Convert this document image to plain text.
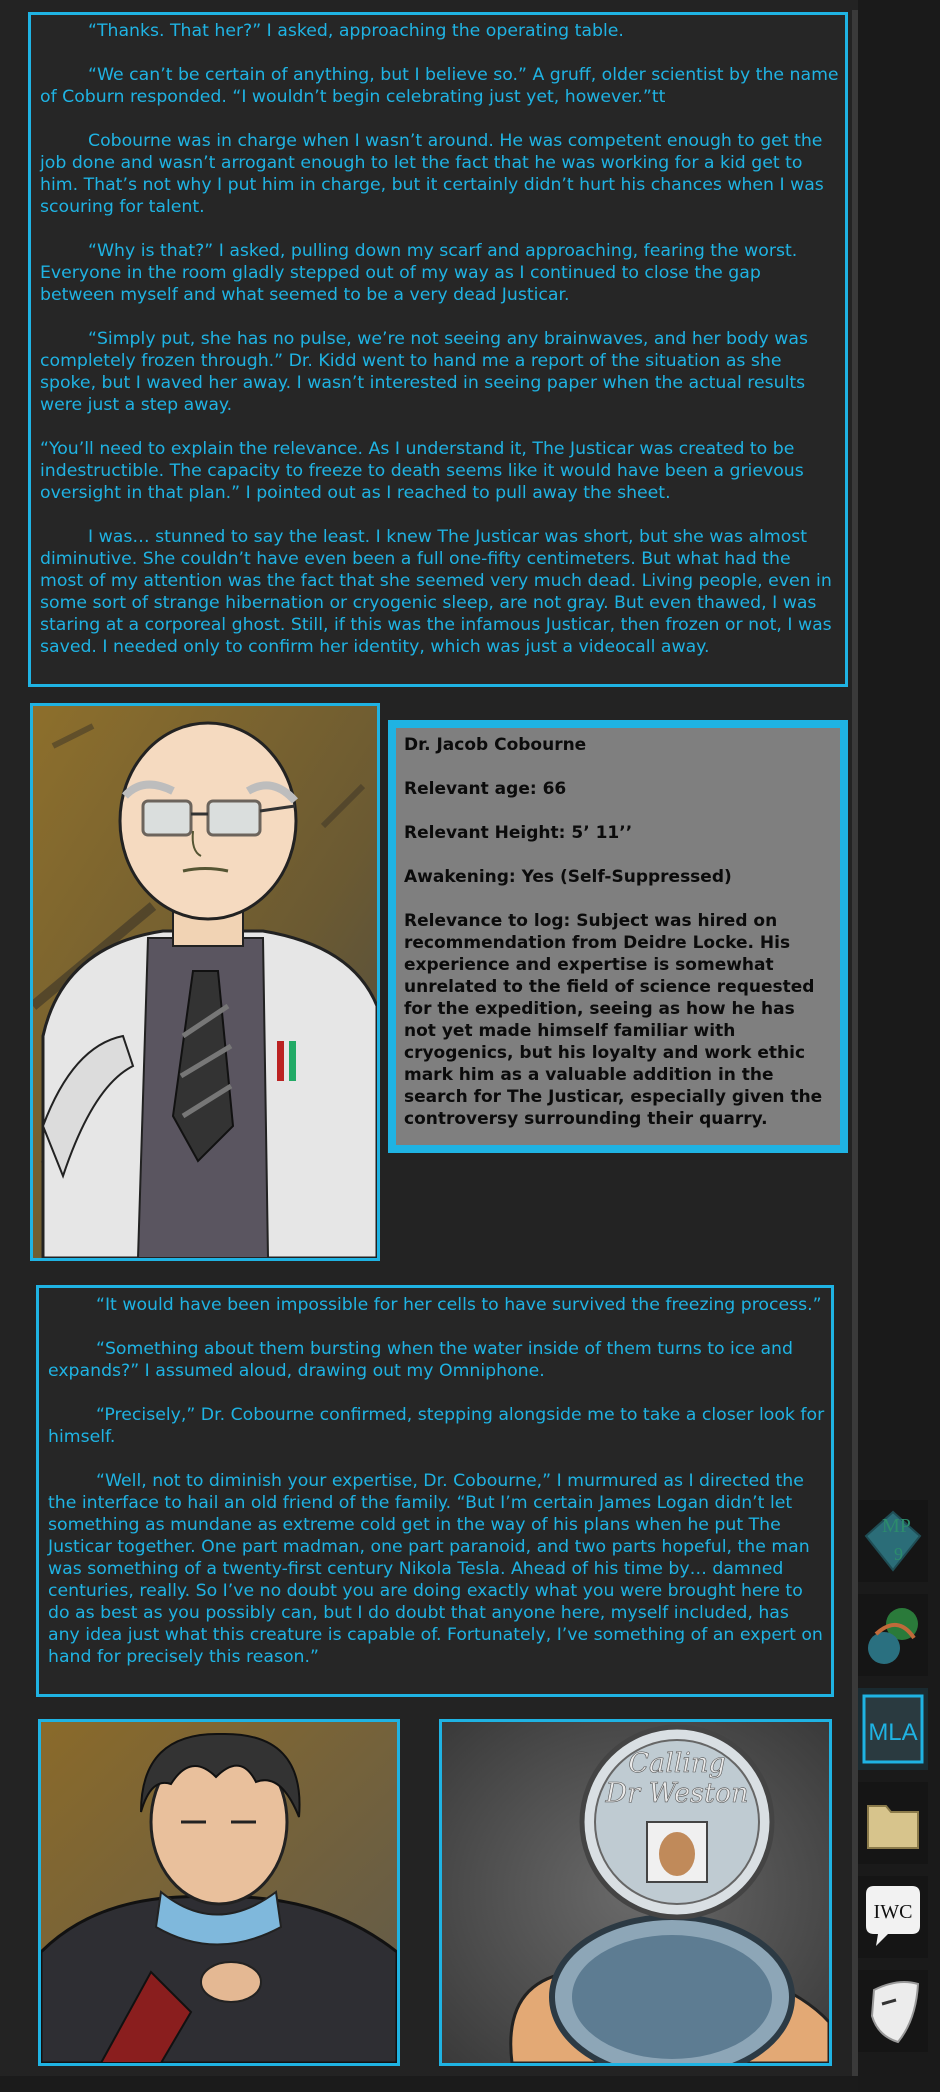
“Thanks. That her?” I asked, approaching the operating table.

“We can’t be certain of anything, but I believe so.” A gruff, older scientist by the name of Coburn responded. “I wouldn’t begin celebrating just yet, however.”tt

Cobourne was in charge when I wasn’t around. He was competent enough to get the job done and wasn’t arrogant enough to let the fact that he was working for a kid get to him. That’s not why I put him in charge, but it certainly didn’t hurt his chances when I was scouring for talent.

“Why is that?” I asked, pulling down my scarf and approaching, fearing the worst. Everyone in the room gladly stepped out of my way as I continued to close the gap between myself and what seemed to be a very dead Justicar.

“Simply put, she has no pulse, we’re not seeing any brainwaves, and her body was completely frozen through.” Dr. Kidd went to hand me a report of the situation as she spoke, but I waved her away. I wasn’t interested in seeing paper when the actual results were just a step away.

“You’ll need to explain the relevance. As I understand it, The Justicar was created to be indestructible. The capacity to freeze to death seems like it would have been a grievous oversight in that plan.” I pointed out as I reached to pull away the sheet.

I was… stunned to say the least. I knew The Justicar was short, but she was almost diminutive. She couldn’t have even been a full one-fifty centimeters. But what had the most of my attention was the fact that she seemed very much dead. Living people, even in some sort of strange hibernation or cryogenic sleep, are not gray. But even thawed, I was staring at a corporeal ghost. Still, if this was the infamous Justicar, then frozen or not, I was saved. I needed only to confirm her identity, which was just a videocall away.

Dr. Jacob Cobourne

Relevant age: 66

Relevant Height: 5’ 11’’

Awakening: Yes (Self-Suppressed)

Relevance to log: Subject was hired on recommendation from Deidre Locke. His experience and expertise is somewhat unrelated to the field of science requested for the expedition, seeing as how he has not yet made himself familiar with cryogenics, but his loyalty and work ethic mark him as a valuable addition in the search for The Justicar, especially given the controversy surrounding their quarry.

“It would have been impossible for her cells to have survived the freezing process.”

“Something about them bursting when the water inside of them turns to ice and expands?” I assumed aloud, drawing out my Omniphone.

“Precisely,” Dr. Cobourne confirmed, stepping alongside me to take a closer look for himself.

“Well, not to diminish your expertise, Dr. Cobourne,” I murmured as I directed the the interface to hail an old friend of the family. “But I’m certain James Logan didn’t let something as mundane as extreme cold get in the way of his plans when he put The Justicar together. One part madman, one part paranoid, and two parts hopeful, the man was something of a twenty-first century Nikola Tesla. Ahead of his time by… damned centuries, really. So I’ve no doubt you are doing exactly what you were brought here to do as best as you possibly can, but I do doubt that anyone here, myself included, has any idea just what this creature is capable of. Fortunately, I’ve something of an expert on hand for precisely this reason.”

Calling
Dr Weston
MP
9
MLA
IWC
